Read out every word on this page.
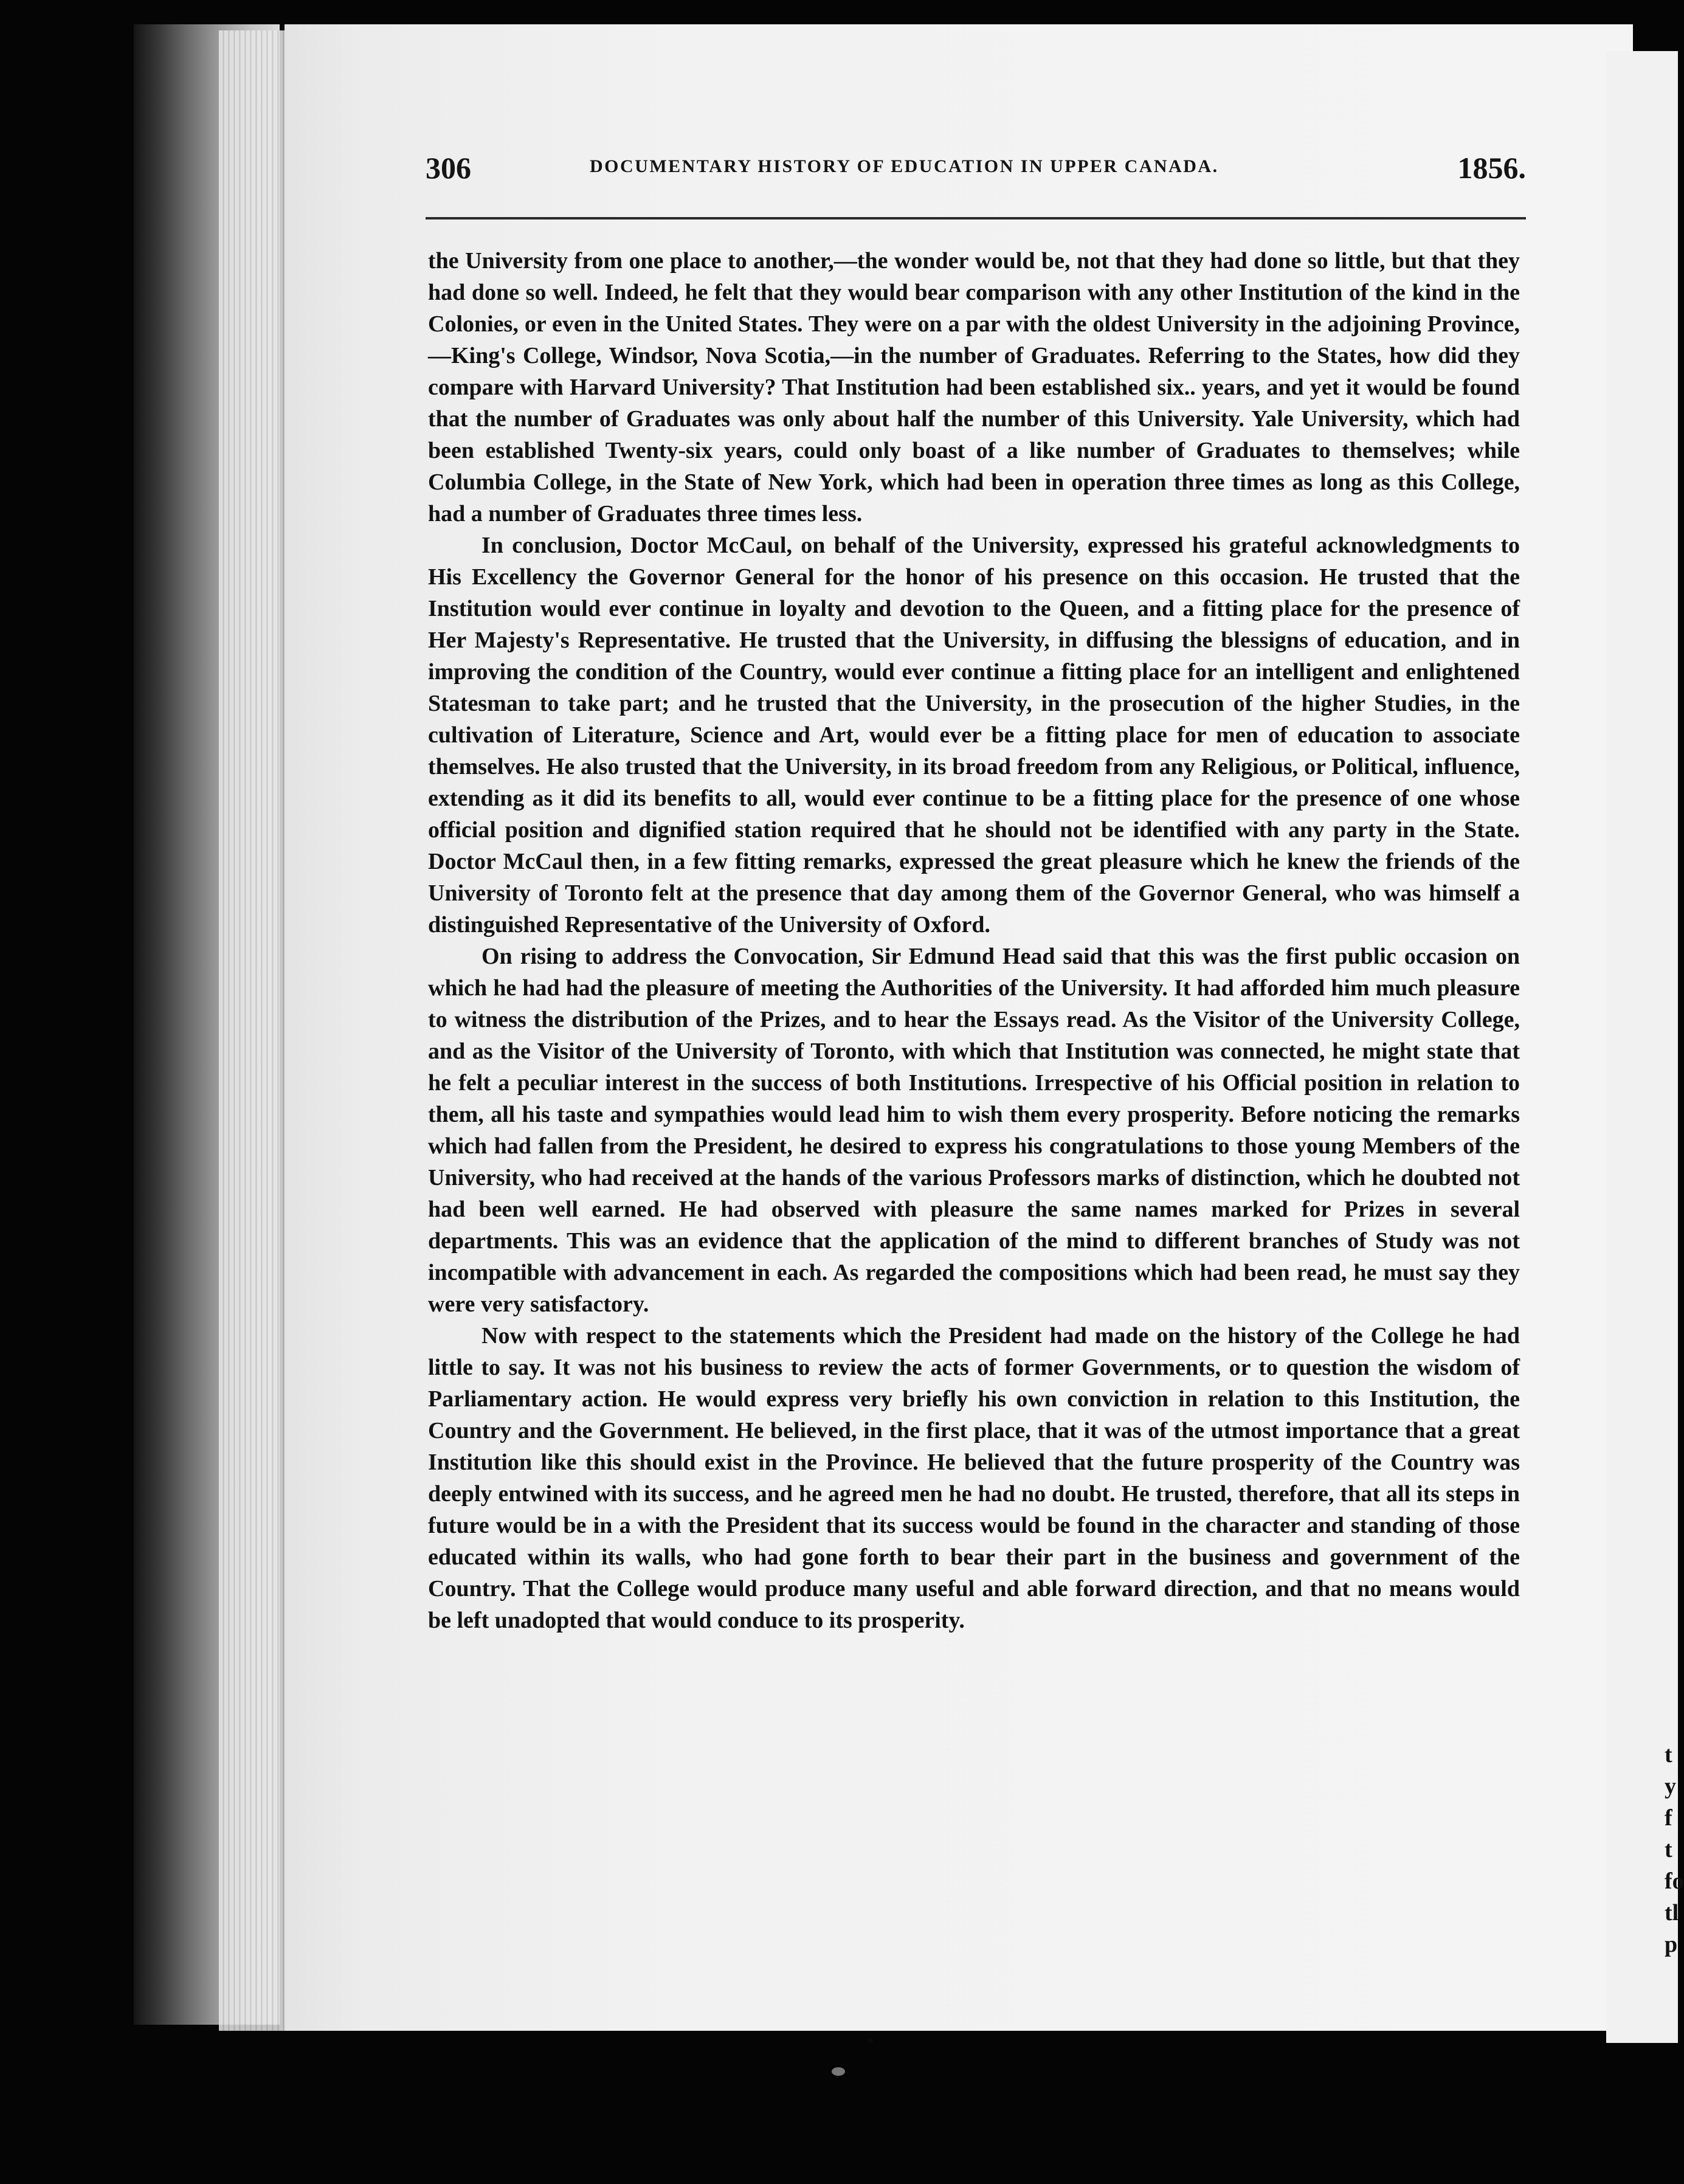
t
y
f
t
fo
tl
p
306	DOCUMENTARY HISTORY OF EDUCATION IN UPPER CANADA.	1856.

the University from one place to another,—the wonder would be, not that they had done so little, but that they had done so well. Indeed, he felt that they would bear comparison with any other Institution of the kind in the Colonies, or even in the United States. They were on a par with the oldest University in the adjoining Province,—King's College, Windsor, Nova Scotia,—in the number of Graduates. Referring to the States, how did they compare with Harvard University? That Institution had been established six.. years, and yet it would be found that the number of Graduates was only about half the number of this University. Yale University, which had been established Twenty-six years, could only boast of a like number of Graduates to themselves; while Columbia College, in the State of New York, which had been in operation three times as long as this College, had a number of Graduates three times less.

In conclusion, Doctor McCaul, on behalf of the University, expressed his grateful acknowledgments to His Excellency the Governor General for the honor of his presence on this occasion. He trusted that the Institution would ever continue in loyalty and devotion to the Queen, and a fitting place for the presence of Her Majesty's Representative. He trusted that the University, in diffusing the blessigns of education, and in improving the condition of the Country, would ever continue a fitting place for an intelligent and enlightened Statesman to take part; and he trusted that the University, in the prosecution of the higher Studies, in the cultivation of Literature, Science and Art, would ever be a fitting place for men of education to associate themselves. He also trusted that the University, in its broad freedom from any Religious, or Political, influence, extending as it did its benefits to all, would ever continue to be a fitting place for the presence of one whose official position and dignified station required that he should not be identified with any party in the State. Doctor McCaul then, in a few fitting remarks, expressed the great pleasure which he knew the friends of the University of Toronto felt at the presence that day among them of the Governor General, who was himself a distinguished Representative of the University of Oxford.

On rising to address the Convocation, Sir Edmund Head said that this was the first public occasion on which he had had the pleasure of meeting the Authorities of the University. It had afforded him much pleasure to witness the distribution of the Prizes, and to hear the Essays read. As the Visitor of the University College, and as the Visitor of the University of Toronto, with which that Institution was connected, he might state that he felt a peculiar interest in the success of both Institutions. Irrespective of his Official position in relation to them, all his taste and sympathies would lead him to wish them every prosperity. Before noticing the remarks which had fallen from the President, he desired to express his congratulations to those young Members of the University, who had received at the hands of the various Professors marks of distinction, which he doubted not had been well earned. He had observed with pleasure the same names marked for Prizes in several departments. This was an evidence that the application of the mind to different branches of Study was not incompatible with advancement in each. As regarded the compositions which had been read, he must say they were very satisfactory.

Now with respect to the statements which the President had made on the history of the College he had little to say. It was not his business to review the acts of former Governments, or to question the wisdom of Parliamentary action. He would express very briefly his own conviction in relation to this Institution, the Country and the Government. He believed, in the first place, that it was of the utmost importance that a great Institution like this should exist in the Province. He believed that the future prosperity of the Country was deeply entwined with its success, and he agreed men he had no doubt. He trusted, therefore, that all its steps in future would be in a with the President that its success would be found in the character and standing of those educated within its walls, who had gone forth to bear their part in the business and government of the Country. That the College would produce many useful and able forward direction, and that no means would be left unadopted that would conduce to its prosperity.
